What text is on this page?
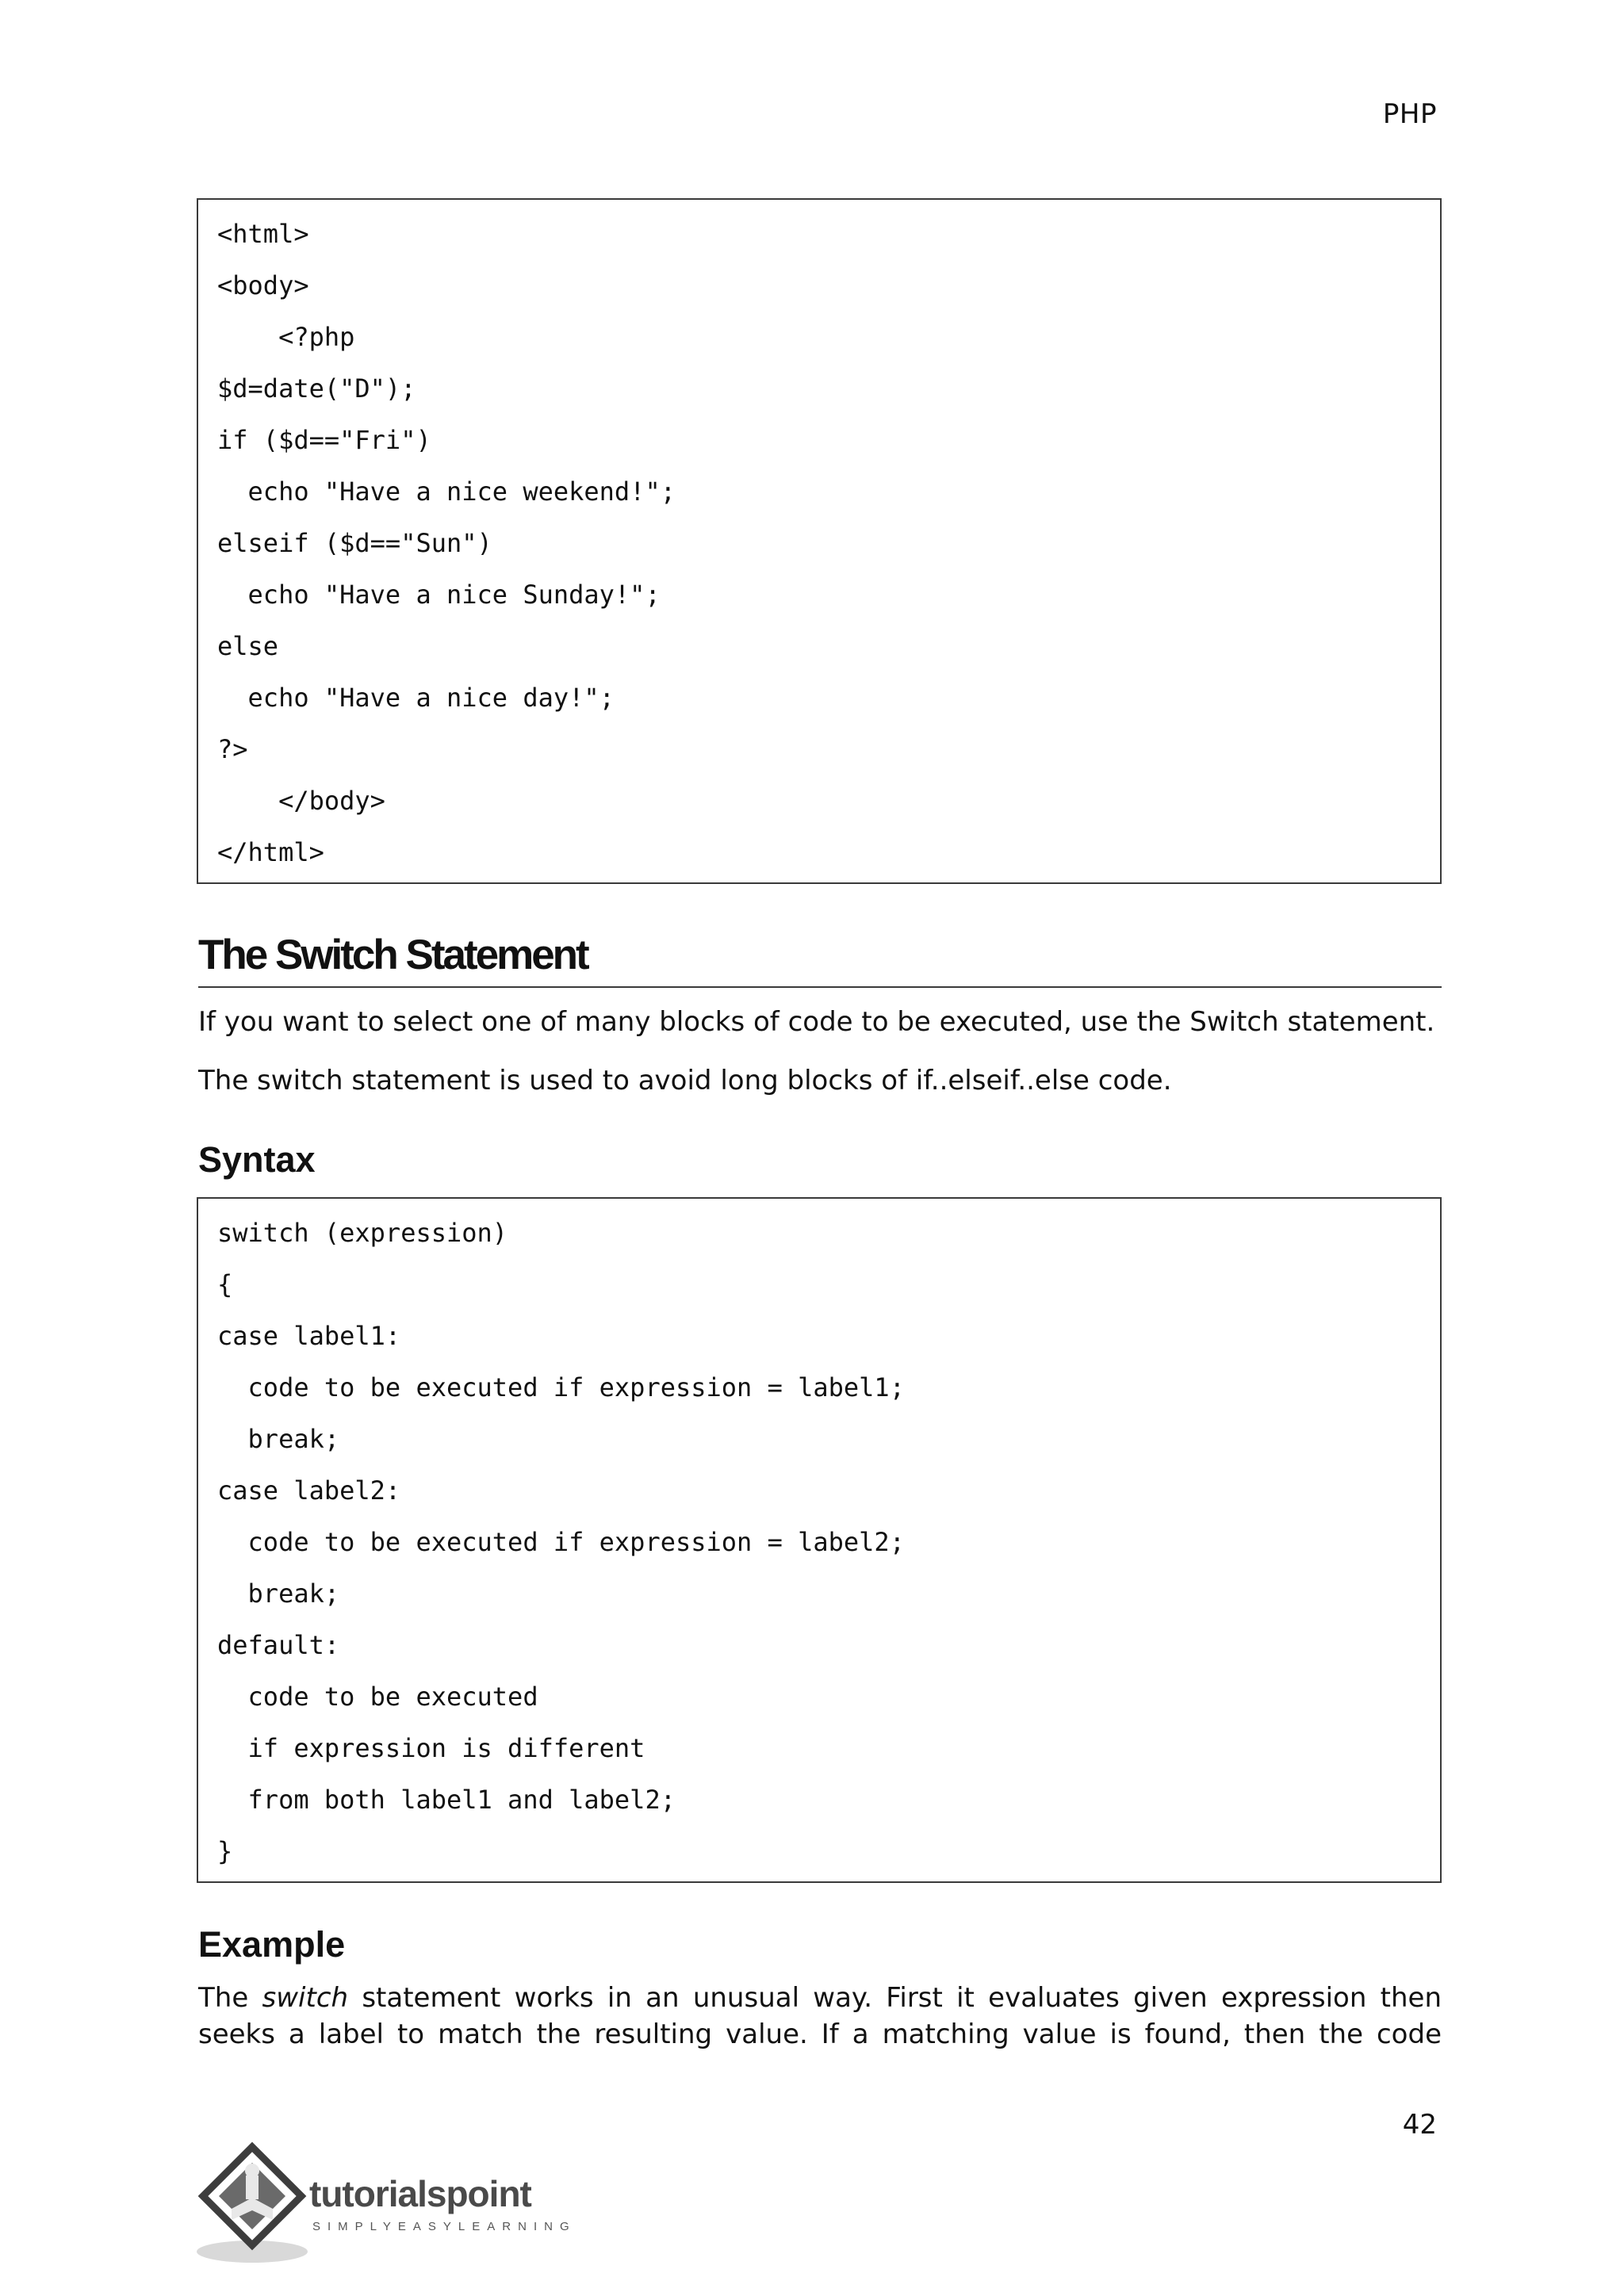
PHP
<html>
<body>
<?php
$d=date("D");
if ($d=="Fri")
echo "Have a nice weekend!";
elseif ($d=="Sun")
echo "Have a nice Sunday!";
else
echo "Have a nice day!";
?>
</body>
</html>
The Switch Statement

If you want to select one of many blocks of code to be executed, use the Switch statement.

The switch statement is used to avoid long blocks of if..elseif..else code.

Syntax
switch (expression)
{
case label1:
code to be executed if expression = label1;
break;
case label2:
code to be executed if expression = label2;
break;
default:
code to be executed
if expression is different
from both label1 and label2;
}
Example
The switch statement works in an unusual way. First it evaluates given expression then
seeks a label to match the resulting value. If a matching value is found, then the code
42
tutorialspoint
SIMPLYEASYLEARNING
